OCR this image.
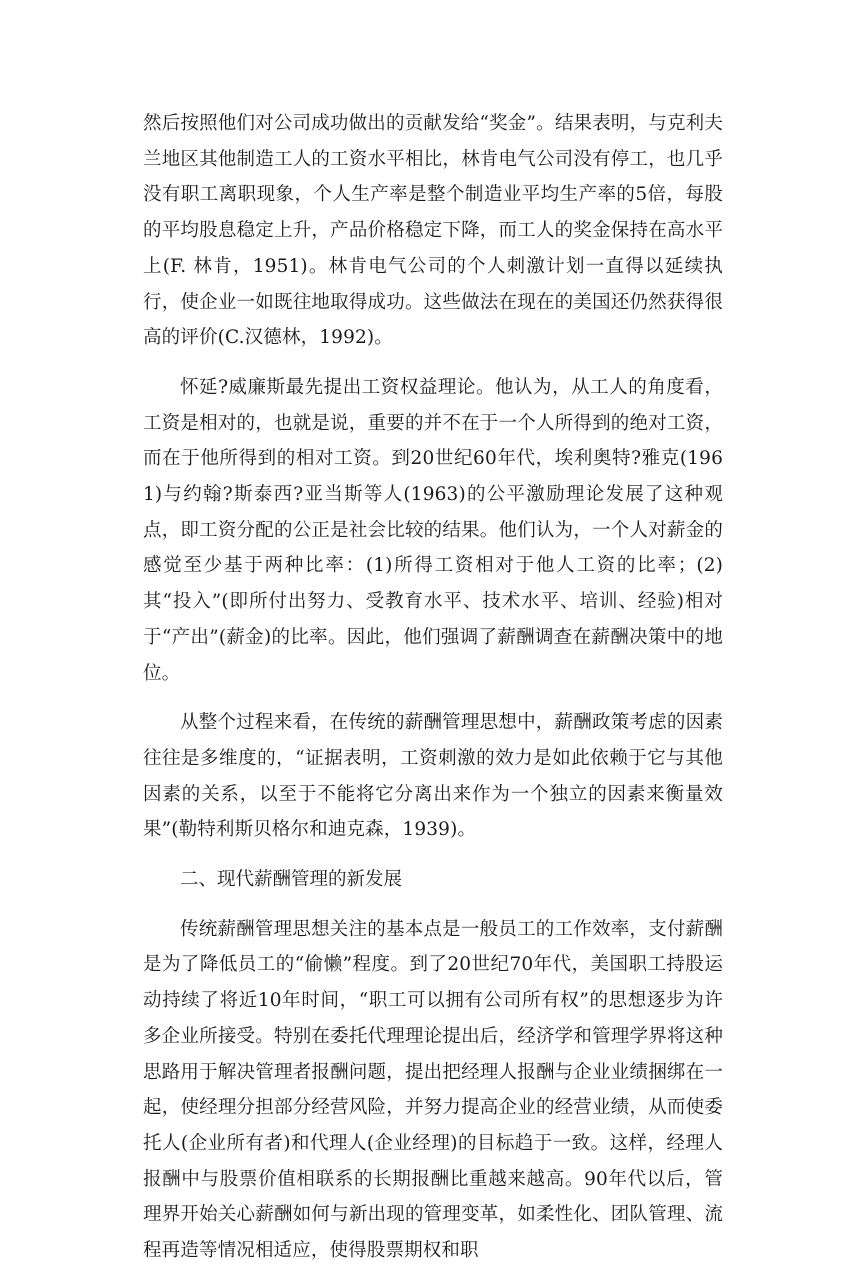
然后按照他们对公司成功做出的贡献发给“奖金”。结果表明，与克利夫兰地区其他制造工人的工资水平相比，林肯电气公司没有停工，也几乎没有职工离职现象，个人生产率是整个制造业平均生产率的5倍，每股的平均股息稳定上升，产品价格稳定下降，而工人的奖金保持在高水平上(F. 林肯，1951)。林肯电气公司的个人刺激计划一直得以延续执行，使企业一如既往地取得成功。这些做法在现在的美国还仍然获得很高的评价(C.汉德林，1992)。

怀延?威廉斯最先提出工资权益理论。他认为，从工人的角度看，工资是相对的，也就是说，重要的并不在于一个人所得到的绝对工资，而在于他所得到的相对工资。到20世纪60年代，埃利奥特?雅克(1961)与约翰?斯泰西?亚当斯等人(1963)的公平激励理论发展了这种观点，即工资分配的公正是社会比较的结果。他们认为，一个人对薪金的感觉至少基于两种比率：(1)所得工资相对于他人工资的比率；(2)其“投入”(即所付出努力、受教育水平、技术水平、培训、经验)相对于“产出”(薪金)的比率。因此，他们强调了薪酬调查在薪酬决策中的地位。

从整个过程来看，在传统的薪酬管理思想中，薪酬政策考虑的因素往往是多维度的，“证据表明，工资刺激的效力是如此依赖于它与其他因素的关系，以至于不能将它分离出来作为一个独立的因素来衡量效果”(勒特利斯贝格尔和迪克森，1939)。

二、现代薪酬管理的新发展

传统薪酬管理思想关注的基本点是一般员工的工作效率，支付薪酬是为了降低员工的“偷懒”程度。到了20世纪70年代，美国职工持股运动持续了将近10年时间，“职工可以拥有公司所有权”的思想逐步为许多企业所接受。特别在委托代理理论提出后，经济学和管理学界将这种思路用于解决管理者报酬问题，提出把经理人报酬与企业业绩捆绑在一起，使经理分担部分经营风险，并努力提高企业的经营业绩，从而使委托人(企业所有者)和代理人(企业经理)的目标趋于一致。这样，经理人报酬中与股票价值相联系的长期报酬比重越来越高。90年代以后，管理界开始关心薪酬如何与新出现的管理变革，如柔性化、团队管理、流程再造等情况相适应，使得股票期权和职
